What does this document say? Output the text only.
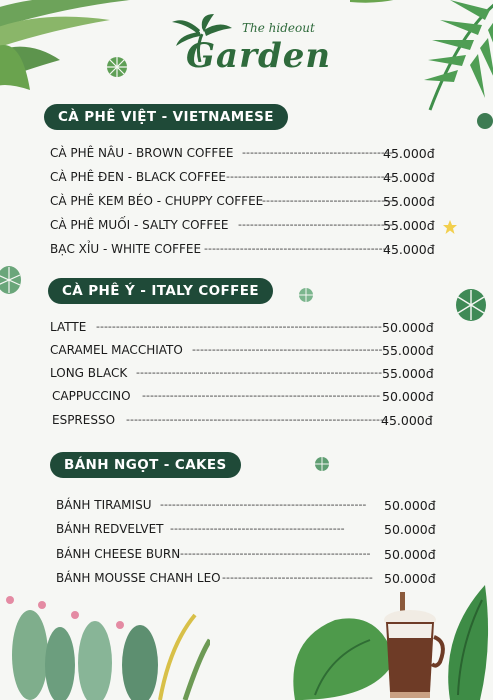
The hideout
Garden
CÀ PHÊ VIỆT - VIETNAMESE
CÀ PHÊ NÂU - BROWN COFFEE --------------------------------------
45.000đ
CÀ PHÊ ĐEN - BLACK COFFEE ------------------------------------------
45.000đ
CÀ PHÊ KEM BÉO - CHUPPY COFFEE
----------------------------------
55.000đ
CÀ PHÊ MUỐI - SALTY COFFEE ---------------------------------------
55.000đ
BẠC XỈU - WHITE COFFEE -----------------------------------------------
45.000đ
CÀ PHÊ Ý - ITALY COFFEE
LATTE ------------------------------------------------------------------------ 50.000đ
CARAMEL MACCHIATO ------------------------------------------------ 55.000đ
LONG BLACK -------------------------------------------------------------- 55.000đ
CAPPUCCINO ------------------------------------------------------------ 50.000đ
ESPRESSO ------------------------------------------------------------------
45.000đ
BÁNH NGỌT - CAKES
BÁNH TIRAMISU ----------------------------------------------------	50.000đ
BÁNH REDVELVET --------------------------------------------	50.000đ
BÁNH CHEESE BURN ------------------------------------------------	50.000đ
BÁNH MOUSSE CHANH LEO -------------------------------------- 50.000đ
